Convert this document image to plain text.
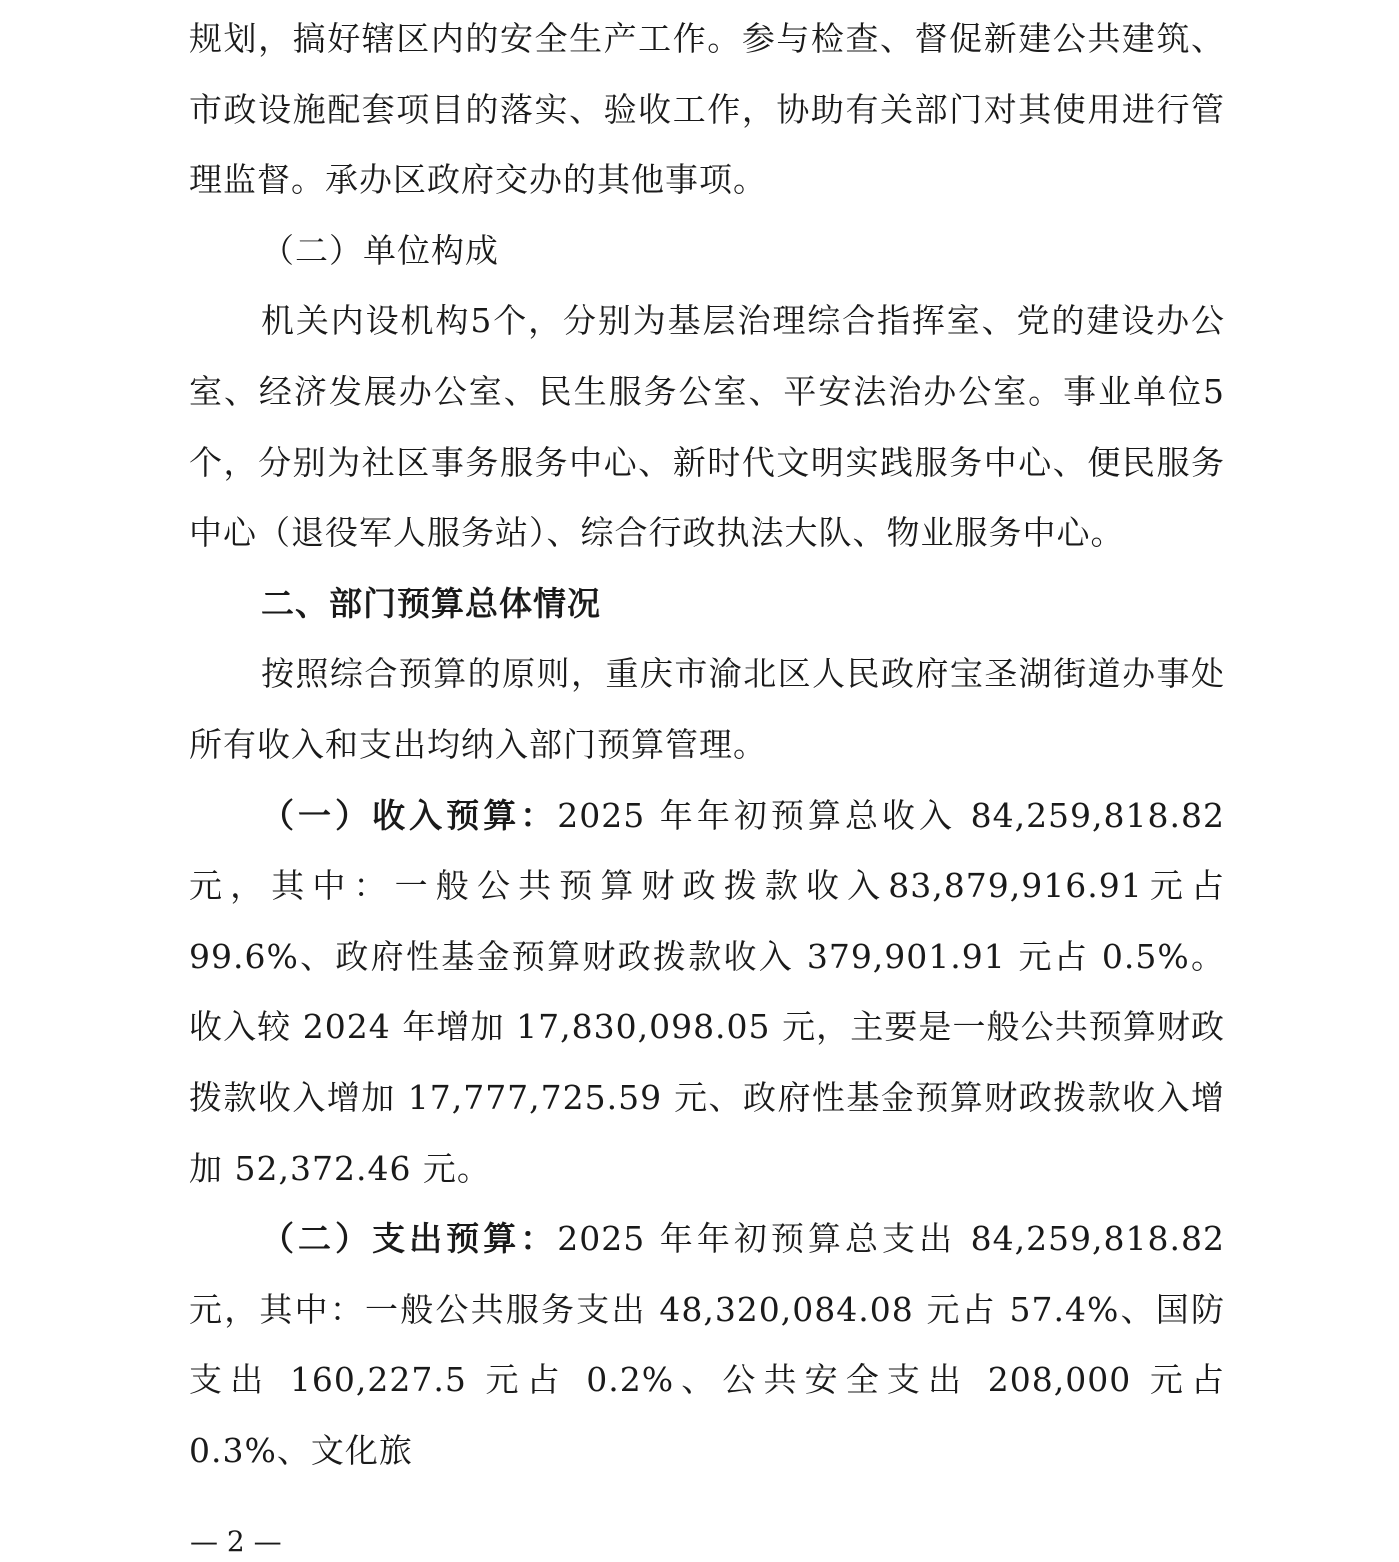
规划，搞好辖区内的安全生产工作。参与检查、督促新建公共建筑、市政设施配套项目的落实、验收工作，协助有关部门对其使用进行管理监督。承办区政府交办的其他事项。

（二）单位构成

机关内设机构5个，分别为基层治理综合指挥室、党的建设办公室、经济发展办公室、民生服务公室、平安法治办公室。事业单位5个，分别为社区事务服务中心、新时代文明实践服务中心、便民服务中心（退役军人服务站）、综合行政执法大队、物业服务中心。

二、部门预算总体情况

按照综合预算的原则，重庆市渝北区人民政府宝圣湖街道办事处所有收入和支出均纳入部门预算管理。

（一）收入预算：2025 年年初预算总收入 84,259,818.82 元，其中：一般公共预算财政拨款收入83,879,916.91元占99.6%、政府性基金预算财政拨款收入 379,901.91 元占 0.5%。收入较 2024 年增加 17,830,098.05 元，主要是一般公共预算财政拨款收入增加 17,777,725.59 元、政府性基金预算财政拨款收入增加 52,372.46 元。

（二）支出预算：2025 年年初预算总支出 84,259,818.82 元，其中：一般公共服务支出 48,320,084.08 元占 57.4%、国防支出 160,227.5 元占 0.2%、公共安全支出 208,000 元占 0.3%、文化旅

— 2 —
